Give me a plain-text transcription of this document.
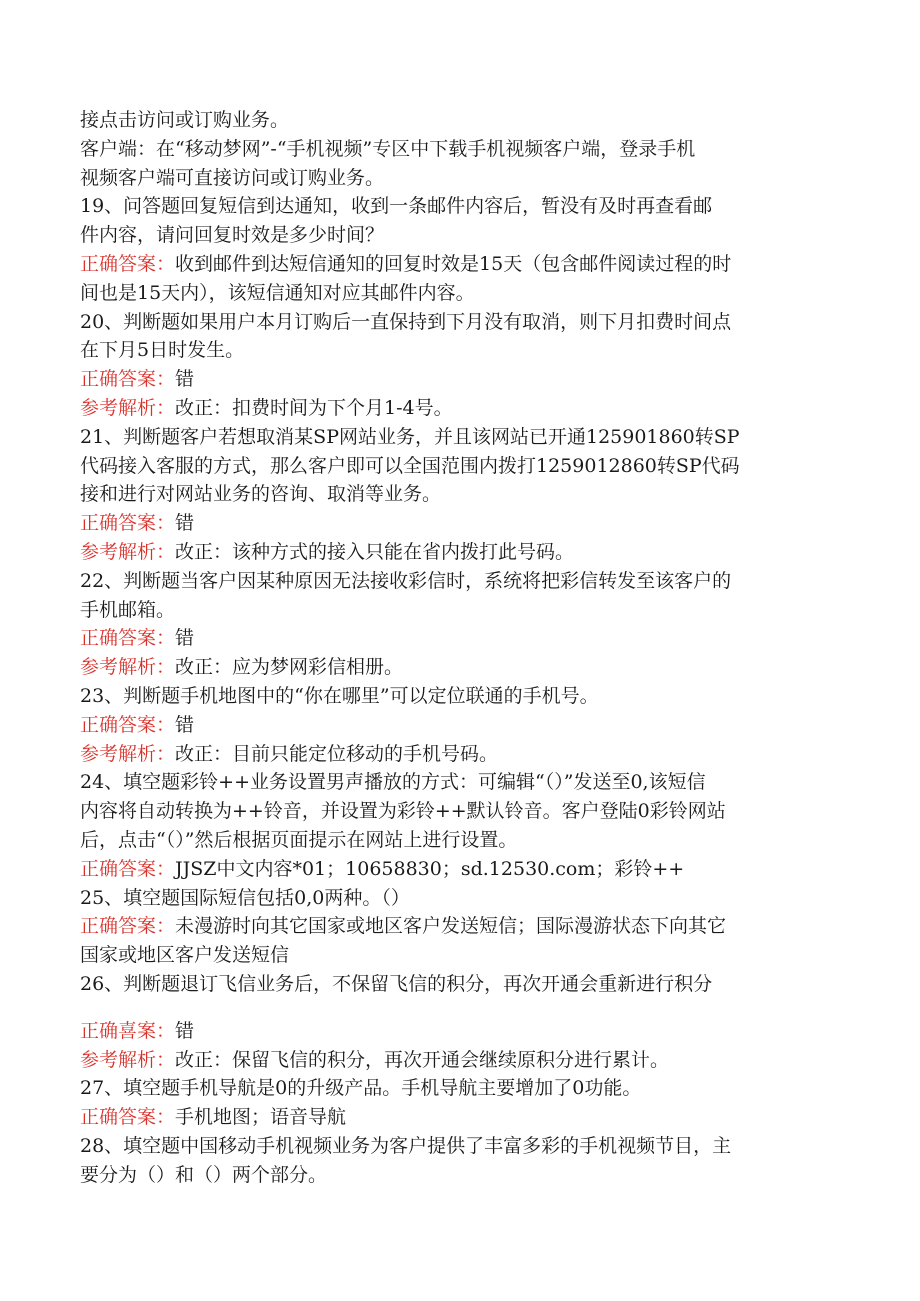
接点击访问或订购业务。
客户端：在“移动梦网”-“手机视频”专区中下载手机视频客户端，登录手机
视频客户端可直接访问或订购业务。
19、问答题回复短信到达通知，收到一条邮件内容后，暂没有及时再查看邮
件内容，请问回复时效是多少时间？
正确答案：收到邮件到达短信通知的回复时效是15天（包含邮件阅读过程的时
间也是15天内），该短信通知对应其邮件内容。
20、判断题如果用户本月订购后一直保持到下月没有取消，则下月扣费时间点
在下月5日时发生。
正确答案：错
参考解析：改正：扣费时间为下个月1-4号。
21、判断题客户若想取消某SP网站业务，并且该网站已开通125901860转SP
代码接入客服的方式，那么客户即可以全国范围内拨打1259012860转SP代码
接和进行对网站业务的咨询、取消等业务。
正确答案：错
参考解析：改正：该种方式的接入只能在省内拨打此号码。
22、判断题当客户因某种原因无法接收彩信时，系统将把彩信转发至该客户的
手机邮箱。
正确答案：错
参考解析：改正：应为梦网彩信相册。
23、判断题手机地图中的“你在哪里”可以定位联通的手机号。
正确答案：错
参考解析：改正：目前只能定位移动的手机号码。
24、填空题彩铃++业务设置男声播放的方式：可编辑“（）”发送至0,该短信
内容将自动转换为++铃音，并设置为彩铃++默认铃音。客户登陆0彩铃网站
后，点击“（）”然后根据页面提示在网站上进行设置。
正确答案：JJSZ中文内容*01；10658830；sd.12530.com；彩铃++
25、填空题国际短信包括0,0两种。（）
正确答案：未漫游时向其它国家或地区客户发送短信；国际漫游状态下向其它
国家或地区客户发送短信
26、判断题退订飞信业务后，不保留飞信的积分，再次开通会重新进行积分
正确喜案：错
参考解析：改正：保留飞信的积分，再次开通会继续原积分进行累计。
27、填空题手机导航是0的升级产品。手机导航主要增加了0功能。
正确答案：手机地图；语音导航
28、填空题中国移动手机视频业务为客户提供了丰富多彩的手机视频节目，主
要分为（）和（）两个部分。
